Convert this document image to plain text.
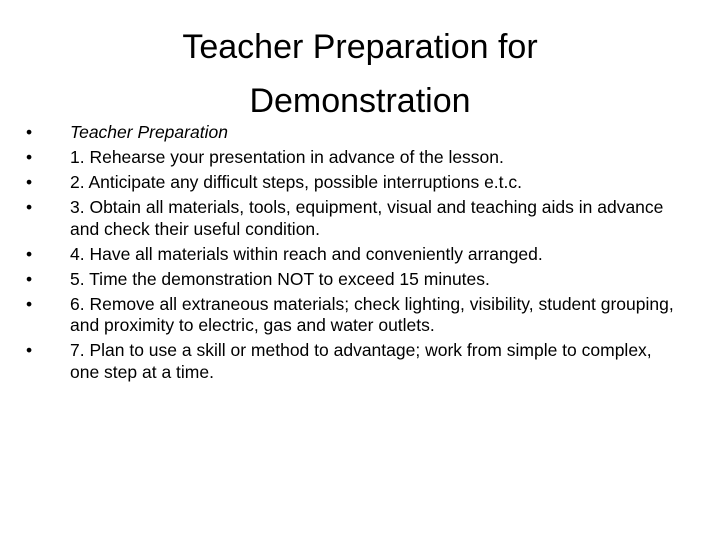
Teacher Preparation for
Demonstration
•	Teacher Preparation
•	1. Rehearse your presentation in advance of the lesson.
•	2. Anticipate any difficult steps, possible interruptions e.t.c.
•	3. Obtain all materials, tools, equipment, visual and teaching aids in advance and check their useful condition.
•	4. Have all materials within reach and conveniently arranged.
•	5. Time the demonstration NOT to exceed 15 minutes.
•	6. Remove all extraneous materials; check lighting, visibility, student grouping, and proximity to electric, gas and water outlets.
•	7. Plan to use a skill or method to advantage; work from simple to complex, one step at a time.
